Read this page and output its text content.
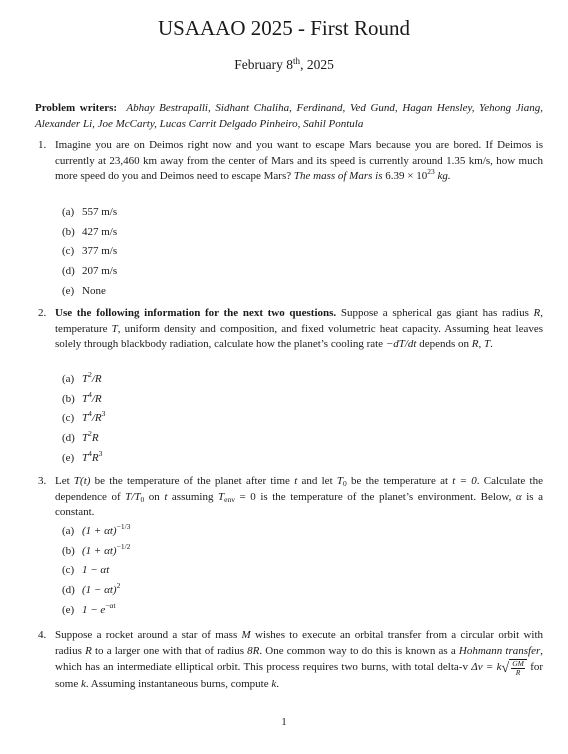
USAAAO 2025 - First Round
February 8th, 2025
Problem writers: Abhay Bestrapalli, Sidhant Chaliha, Ferdinand, Ved Gund, Hagan Hensley, Yehong Jiang, Alexander Li, Joe McCarty, Lucas Carrit Delgado Pinheiro, Sahil Pontula
1. Imagine you are on Deimos right now and you want to escape Mars because you are bored. If Deimos is currently at 23,460 km away from the center of Mars and its speed is currently around 1.35 km/s, how much more speed do you and Deimos need to escape Mars? The mass of Mars is $6.39 \times 10^{23}$ kg.
(a) 557 m/s
(b) 427 m/s
(c) 377 m/s
(d) 207 m/s
(e) None
2. Use the following information for the next two questions. Suppose a spherical gas giant has radius R, temperature T, uniform density and composition, and fixed volumetric heat capacity. Assuming heat leaves solely through blackbody radiation, calculate how the planet’s cooling rate −dT/dt depends on R, T.
(a) $T^2/R$
(b) $T^4/R$
(c) $T^4/R^3$
(d) $T^2R$
(e) $T^4R^3$
3. Let T(t) be the temperature of the planet after time t and let $T_0$ be the temperature at t = 0. Calculate the dependence of $T/T_0$ on t assuming $T_{env} = 0$ is the temperature of the planet’s environment. Below, α is a constant.
(a) $(1 + \alpha t)^{-1/3}$
(b) $(1 + \alpha t)^{-1/2}$
(c) 1 − αt
(d) $(1 - \alpha t)^2$
(e) $1 - e^{-\alpha t}$
4. Suppose a rocket around a star of mass M wishes to execute an orbital transfer from a circular orbit with radius R to a larger one with that of radius 8R. One common way to do this is known as a Hohmann transfer, which has an intermediate elliptical orbit. This process requires two burns, with total delta-v $\Delta v = k√ \frac{GM}{R}$ for some k. Assuming instantaneous burns, compute k.
1
